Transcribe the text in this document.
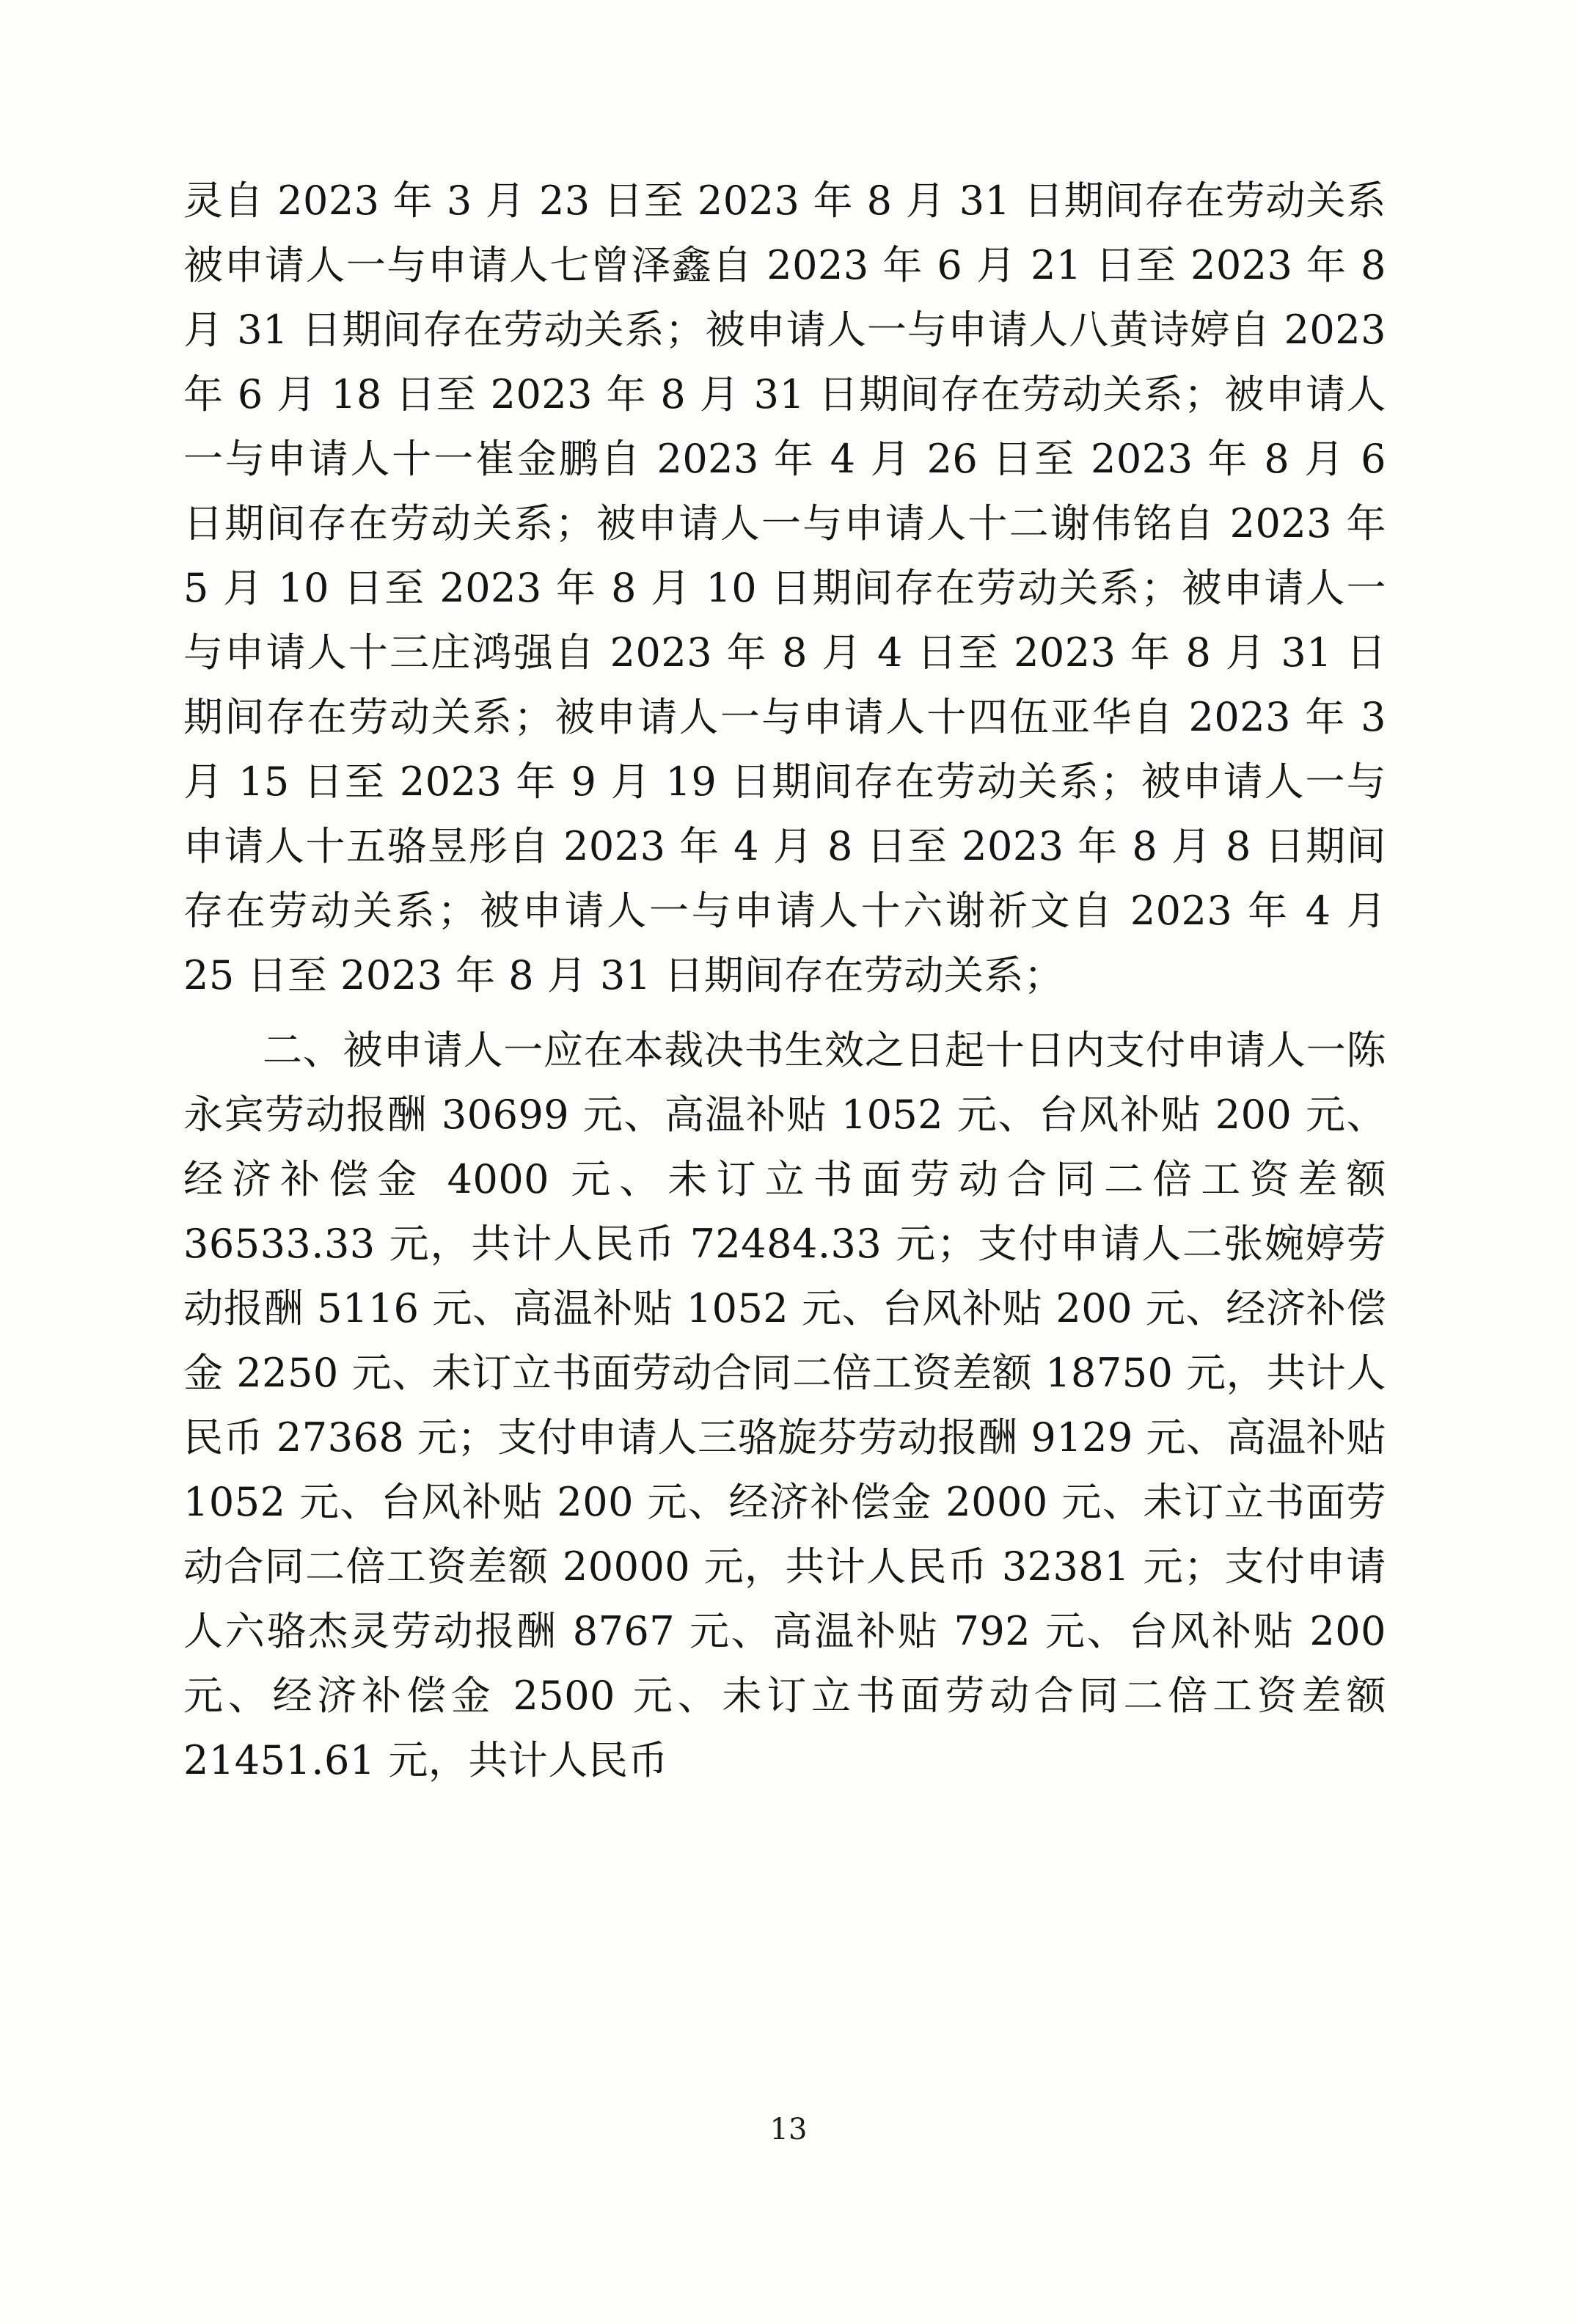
灵自 2023 年 3 月 23 日至 2023 年 8 月 31 日期间存在劳动关系被申请人一与申请人七曾泽鑫自 2023 年 6 月 21 日至 2023 年 8 月 31 日期间存在劳动关系；被申请人一与申请人八黄诗婷自 2023 年 6 月 18 日至 2023 年 8 月 31 日期间存在劳动关系；被申请人一与申请人十一崔金鹏自 2023 年 4 月 26 日至 2023 年 8 月 6 日期间存在劳动关系；被申请人一与申请人十二谢伟铭自 2023 年 5 月 10 日至 2023 年 8 月 10 日期间存在劳动关系；被申请人一与申请人十三庄鸿强自 2023 年 8 月 4 日至 2023 年 8 月 31 日期间存在劳动关系；被申请人一与申请人十四伍亚华自 2023 年 3 月 15 日至 2023 年 9 月 19 日期间存在劳动关系；被申请人一与申请人十五骆昱彤自 2023 年 4 月 8 日至 2023 年 8 月 8 日期间存在劳动关系；被申请人一与申请人十六谢祈文自 2023 年 4 月 25 日至 2023 年 8 月 31 日期间存在劳动关系；

二、被申请人一应在本裁决书生效之日起十日内支付申请人一陈永宾劳动报酬 30699 元、高温补贴 1052 元、台风补贴 200 元、经济补偿金 4000 元、未订立书面劳动合同二倍工资差额 36533.33 元，共计人民币 72484.33 元；支付申请人二张婉婷劳动报酬 5116 元、高温补贴 1052 元、台风补贴 200 元、经济补偿金 2250 元、未订立书面劳动合同二倍工资差额 18750 元，共计人民币 27368 元；支付申请人三骆旋芬劳动报酬 9129 元、高温补贴 1052 元、台风补贴 200 元、经济补偿金 2000 元、未订立书面劳动合同二倍工资差额 20000 元，共计人民币 32381 元；支付申请人六骆杰灵劳动报酬 8767 元、高温补贴 792 元、台风补贴 200 元、经济补偿金 2500 元、未订立书面劳动合同二倍工资差额 21451.61 元，共计人民币

13
